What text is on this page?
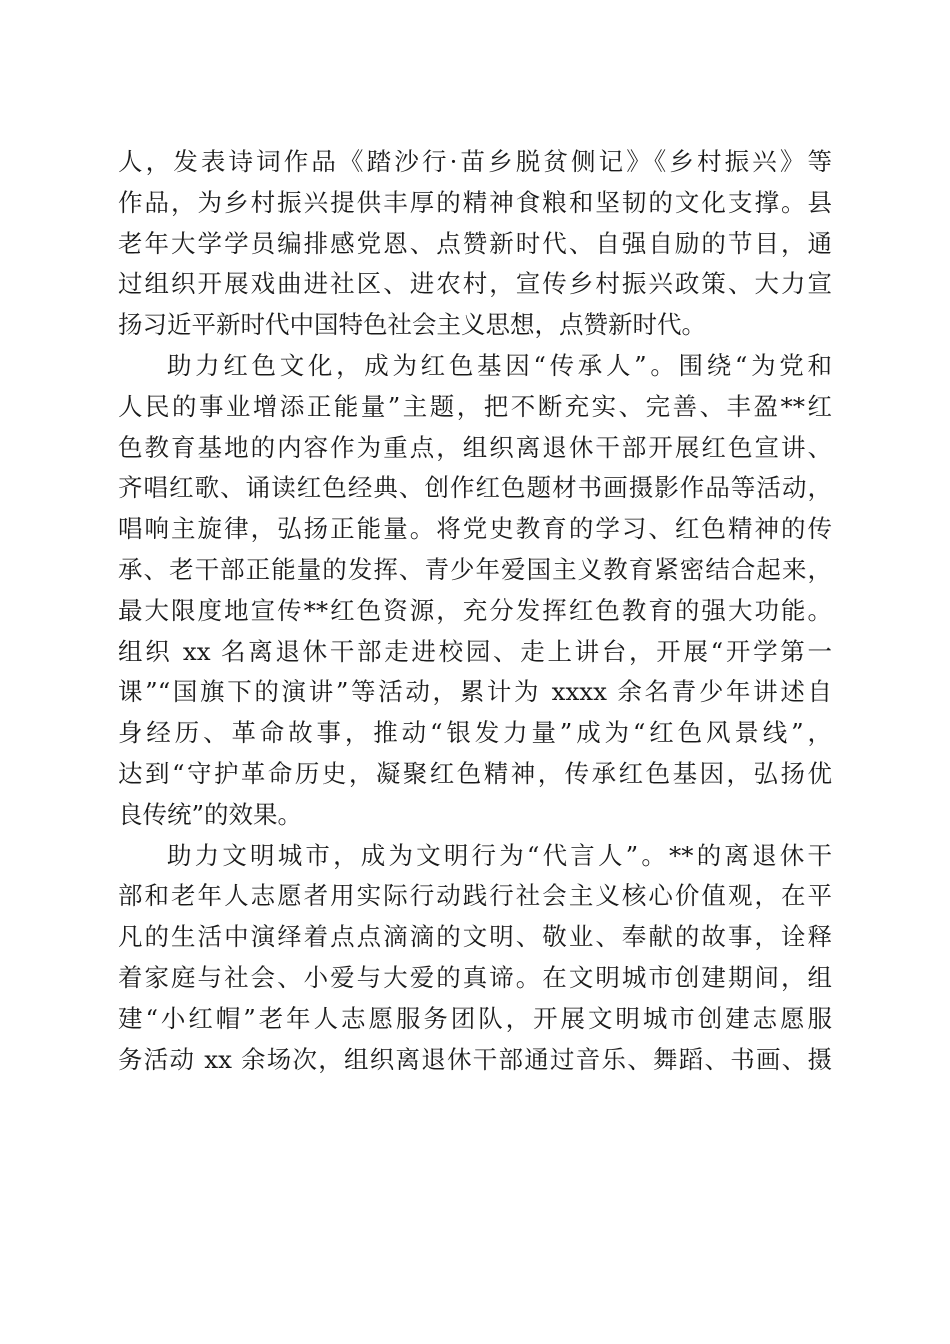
人，发表诗词作品《踏沙行·苗乡脱贫侧记》《乡村振兴》等
作品，为乡村振兴提供丰厚的精神食粮和坚韧的文化支撑。县
老年大学学员编排感党恩、点赞新时代、自强自励的节目，通
过组织开展戏曲进社区、进农村，宣传乡村振兴政策、大力宣
扬习近平新时代中国特色社会主义思想，点赞新时代。
助力红色文化，成为红色基因“传承人”。围绕“为党和
人民的事业增添正能量”主题，把不断充实、完善、丰盈**红
色教育基地的内容作为重点，组织离退休干部开展红色宣讲、
齐唱红歌、诵读红色经典、创作红色题材书画摄影作品等活动，
唱响主旋律，弘扬正能量。将党史教育的学习、红色精神的传
承、老干部正能量的发挥、青少年爱国主义教育紧密结合起来，
最大限度地宣传**红色资源，充分发挥红色教育的强大功能。
组织 xx 名离退休干部走进校园、走上讲台，开展“开学第一
课”“国旗下的演讲”等活动，累计为 xxxx 余名青少年讲述自
身经历、革命故事，推动“银发力量”成为“红色风景线”，
达到“守护革命历史，凝聚红色精神，传承红色基因，弘扬优
良传统”的效果。
助力文明城市，成为文明行为“代言人”。**的离退休干
部和老年人志愿者用实际行动践行社会主义核心价值观，在平
凡的生活中演绎着点点滴滴的文明、敬业、奉献的故事，诠释
着家庭与社会、小爱与大爱的真谛。在文明城市创建期间，组
建“小红帽”老年人志愿服务团队，开展文明城市创建志愿服
务活动 xx 余场次，组织离退休干部通过音乐、舞蹈、书画、摄
